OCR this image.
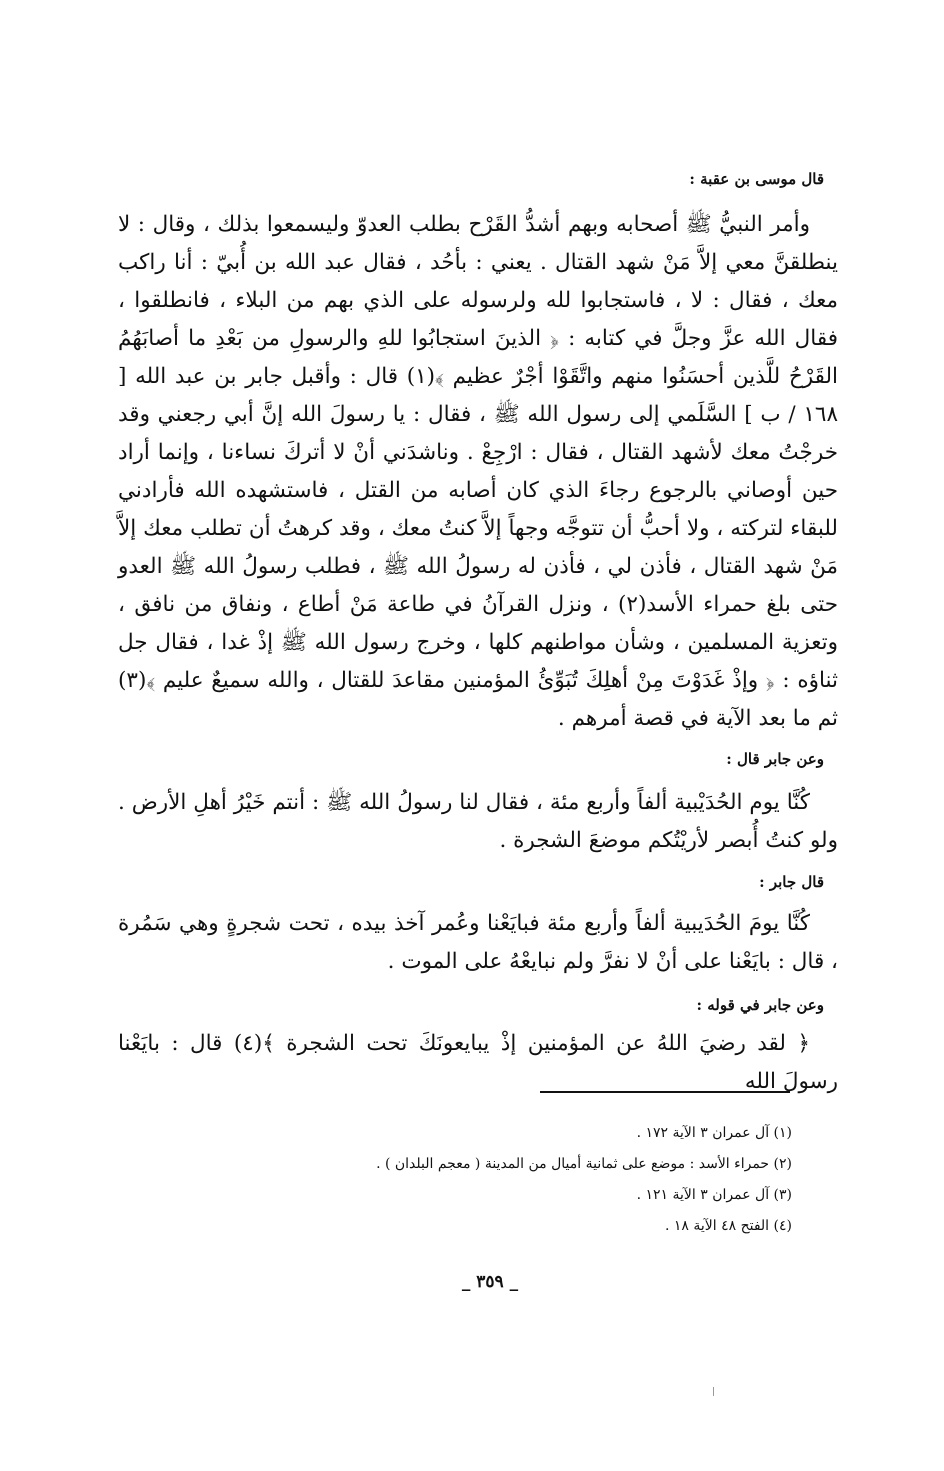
قال موسى بن عقبة :

وأمر النبيُّ ﷺ أصحابه وبهم أشدُّ القَرْح بطلب العدوّ وليسمعوا بذلك ، وقال : لا ينطلقنَّ معي إلاَّ مَنْ شهد القتال . يعني : بأحُد ، فقال عبد الله بن أُبيّ : أنا راكب معك ، فقال : لا ، فاستجابوا لله ولرسوله على الذي بهم من البلاء ، فانطلقوا ، فقال الله عزَّ وجلَّ في كتابه : ﴿ الذينَ استجابُوا للهِ والرسولِ من بَعْدِ ما أصابَهُمُ القَرْحُ للَّذين أحسَنُوا منهم واتَّقَوْا أجْرٌ عظيم ﴾(١) قال : وأقبل جابر بن عبد الله [ ١٦٨ / ب ] السَّلَمي إلى رسول الله ﷺ ، فقال : يا رسولَ الله إنَّ أبي رجعني وقد خرجْتُ معك لأشهد القتال ، فقال : ارْجِعْ . وناشدَني أنْ لا أتركَ نساءنا ، وإنما أراد حين أوصاني بالرجوع رجاءَ الذي كان أصابه من القتل ، فاستشهده الله فأرادني للبقاء لتركته ، ولا أحبُّ أن تتوجَّه وجهاً إلاَّ كنتُ معك ، وقد كرهتُ أن تطلب معك إلاَّ مَنْ شهد القتال ، فأذن لي ، فأذن له رسولُ الله ﷺ ، فطلب رسولُ الله ﷺ العدو حتى بلغ حمراء الأسد(٢) ، ونزل القرآنُ في طاعة مَنْ أطاع ، ونفاق من نافق ، وتعزية المسلمين ، وشأن مواطنهم كلها ، وخرج رسول الله ﷺ إذْ غدا ، فقال جل ثناؤه : ﴿ وإذْ غَدَوْتَ مِنْ أهلِكَ تُبَوِّئُ المؤمنين مقاعدَ للقتال ، والله سميعٌ عليم ﴾(٣) ثم ما بعد الآية في قصة أمرهم .

وعن جابر قال :

كُنَّا يوم الحُدَيْبية ألفاً وأربع مئة ، فقال لنا رسولُ الله ﷺ : أنتم خَيْرُ أهلِ الأرض . ولو كنتُ أُبصر لأريْتُكم موضعَ الشجرة .

قال جابر :

كُنَّا يومَ الحُدَيبية ألفاً وأربع مئة فبايَعْنا وعُمر آخذ بيده ، تحت شجرةٍ وهي سَمُرة ، قال : بايَعْنا على أنْ لا نفرَّ ولم نبايعْهُ على الموت .

وعن جابر في قوله :

﴿ لقد رضيَ اللهُ عن المؤمنين إذْ يبايعونَكَ تحت الشجرة ﴾(٤) قال : بايَعْنا رسولَ الله

(١) آل عمران ٣ الآية ١٧٢ .
(٢) حمراء الأسد : موضع على ثمانية أميال من المدينة ( معجم البلدان ) .
(٣) آل عمران ٣ الآية ١٢١ .
(٤) الفتح ٤٨ الآية ١٨ .
_ ٣٥٩ _
